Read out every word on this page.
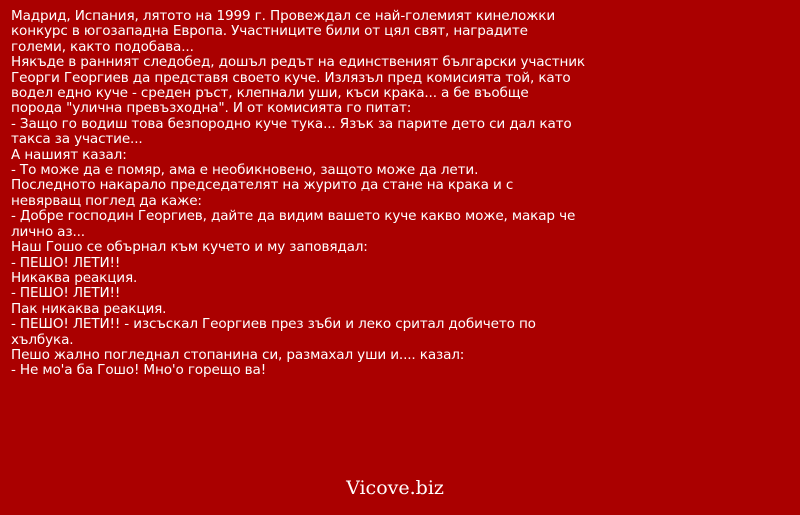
Мадрид, Испания, лятото на 1999 г. Провеждал се най-големият кинеложки
конкурс в югозападна Европа. Участниците били от цял свят, наградите
големи, както подобава...
Някъде в ранният следобед, дошъл редът на единственият български участник
Георги Георгиев да представя своето куче. Излязъл пред комисията той, като
водел едно куче - среден ръст, клепнали уши, къси крака... а бе въобще
порода "улична превъзходна". И от комисията го питат:
- Защо го водиш това безпородно куче тука... Язък за парите дето си дал като
такса за участие...
А нашият казал:
- То може да е помяр, ама е необикновено, защото може да лети.
Последното накарало председателят на журито да стане на крака и с
невярващ поглед да каже:
- Добре господин Георгиев, дайте да видим вашето куче какво може, макар че
лично аз...
Наш Гошо се обърнал към кучето и му заповядал:
- ПЕШО! ЛЕТИ!!
Никаква реакция.
- ПЕШО! ЛЕТИ!!
Пак никаква реакция.
- ПЕШО! ЛЕТИ!! - изсъскал Георгиев през зъби и леко сритал добичето по
хълбука.
Пешо жално погледнал стопанина си, размахал уши и.... казал:
- Не мо'а ба Гошо! Мно'о горещо ва!
Vicove.biz
